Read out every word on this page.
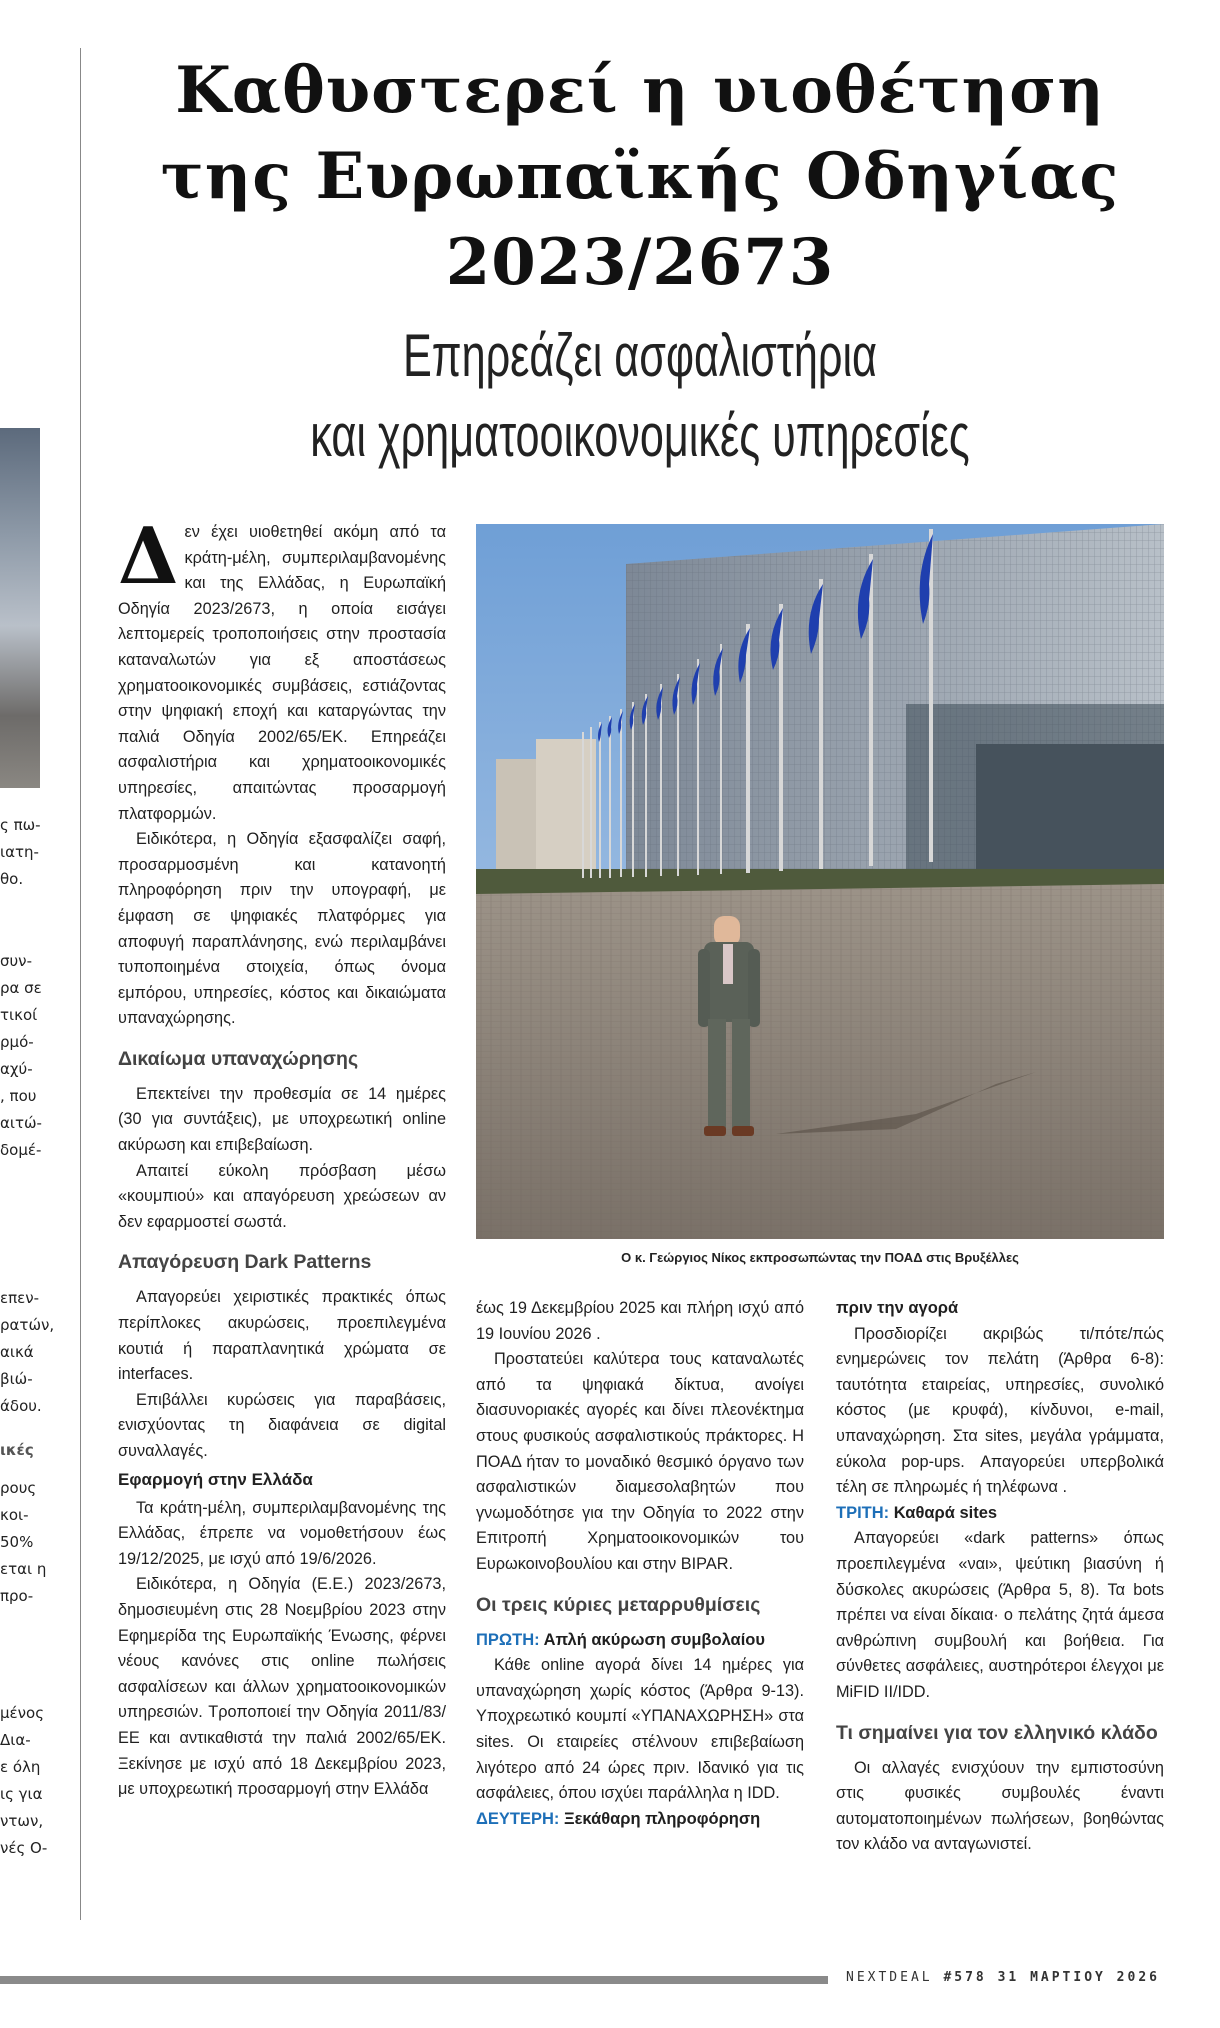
ς πω-
ιατη-
θο.
συν-
ρα σε
τικοί
ρμό-
αχύ-
, που
αιτώ-
δομέ-
επεν-
ρατών,
αικά
βιώ-
άδου.
ικές
ρους
κοι-
50%
εται η
προ-
μένος
Δια-
ε όλη
ις για
ντων,
νές Ο-
Καθυστερεί η υιοθέτηση
της Ευρωπαϊκής Οδηγίας
2023/2673
Επηρεάζει ασφαλιστήρια
και χρηματοοικονομικές υπηρεσίες

Δεν έχει υιοθετηθεί ακόμη από τα κράτη-μέλη, συμπεριλαμβανομένης και της Ελλάδας, η Ευρωπαϊκή Οδηγία 2023/2673, η οποία εισάγει λεπτομερείς τροποποιήσεις στην προστασία καταναλωτών για εξ αποστάσεως χρηματοοικονομικές συμβάσεις, εστιάζοντας στην ψηφιακή εποχή και καταργώντας την παλιά Οδηγία 2002/65/ΕΚ. Επηρεάζει ασφαλιστήρια και χρηματοοικονομικές υπηρεσίες, απαιτώντας προσαρμογή πλατφορμών.

Ειδικότερα, η Οδηγία εξασφαλίζει σαφή, προσαρμοσμένη και κατανοητή πληροφόρηση πριν την υπογραφή, με έμφαση σε ψηφιακές πλατφόρμες για αποφυγή παραπλάνησης, ενώ περιλαμβάνει τυποποιημένα στοιχεία, όπως όνομα εμπόρου, υπηρεσίες, κόστος και δικαιώματα υπαναχώρησης.

Δικαίωμα υπαναχώρησης

Επεκτείνει την προθεσμία σε 14 ημέρες (30 για συντάξεις), με υποχρεωτική online ακύρωση και επιβεβαίωση.

Απαιτεί εύκολη πρόσβαση μέσω «κουμπιού» και απαγόρευση χρεώσεων αν δεν εφαρμοστεί σωστά.

Απαγόρευση Dark Patterns

Απαγορεύει χειριστικές πρακτικές όπως περίπλοκες ακυρώσεις, προεπιλεγμένα κουτιά ή παραπλανητικά χρώματα σε interfaces.

Επιβάλλει κυρώσεις για παραβάσεις, ενισχύοντας τη διαφάνεια σε digital συναλλαγές.

Εφαρμογή στην Ελλάδα

Τα κράτη-μέλη, συμπεριλαμβανομένης της Ελλάδας, έπρεπε να νομοθετήσουν έως 19/12/2025, με ισχύ από 19/6/2026.

Ειδικότερα, η Οδηγία (Ε.Ε.) 2023/2673, δημοσιευμένη στις 28 Νοεμβρίου 2023 στην Εφημερίδα της Ευρωπαϊκής Ένωσης, φέρνει νέους κανόνες στις online πωλήσεις ασφαλίσεων και άλλων χρηματοοικονομικών υπηρεσιών. Τροποποιεί την Οδηγία 2011/83/ΕΕ και αντικαθιστά την παλιά 2002/65/ΕΚ. Ξεκίνησε με ισχύ από 18 Δεκεμβρίου 2023, με υποχρεωτική προσαρμογή στην Ελλάδα

Ο κ. Γεώργιος Νίκος εκπροσωπώντας την ΠΟΑΔ στις Βρυξέλλες

έως 19 Δεκεμβρίου 2025 και πλήρη ισχύ από 19 Ιουνίου 2026 .

Προστατεύει καλύτερα τους καταναλωτές από τα ψηφιακά δίκτυα, ανοίγει διασυνοριακές αγορές και δίνει πλεονέκτημα στους φυσικούς ασφαλιστικούς πράκτορες. Η ΠΟΑΔ ήταν το μοναδικό θεσμικό όργανο των ασφαλιστικών διαμεσολαβητών που γνωμοδότησε για την Οδηγία το 2022 στην Επιτροπή Χρηματοοικονομικών του Ευρωκοινοβουλίου και στην BIPAR.

Οι τρεις κύριες μεταρρυθμίσεις
ΠΡΩΤΗ: Απλή ακύρωση συμβολαίου

Κάθε online αγορά δίνει 14 ημέρες για υπαναχώρηση χωρίς κόστος (Άρθρα 9-13). Υποχρεωτικό κουμπί «ΥΠΑΝΑΧΩΡΗΣΗ» στα sites. Οι εταιρείες στέλνουν επιβεβαίωση λιγότερο από 24 ώρες πριν. Ιδανικό για τις ασφάλειες, όπου ισχύει παράλληλα η IDD.

ΔΕΥΤΕΡΗ: Ξεκάθαρη πληροφόρηση
πριν την αγορά

Προσδιορίζει ακριβώς τι/πότε/πώς ενημερώνεις τον πελάτη (Άρθρα 6-8): ταυτότητα εταιρείας, υπηρεσίες, συνολικό κόστος (με κρυφά), κίνδυνοι, e-mail, υπαναχώρηση. Στα sites, μεγάλα γράμματα, εύκολα pop-ups. Απαγορεύει υπερβολικά τέλη σε πληρωμές ή τηλέφωνα .

ΤΡΙΤΗ: Καθαρά sites

Απαγορεύει «dark patterns» όπως προεπιλεγμένα «ναι», ψεύτικη βιασύνη ή δύσκολες ακυρώσεις (Άρθρα 5, 8). Τα bots πρέπει να είναι δίκαια· ο πελάτης ζητά άμεσα ανθρώπινη συμβουλή και βοήθεια. Για σύνθετες ασφάλειες, αυστηρότεροι έλεγχοι με MiFID II/IDD.

Τι σημαίνει για τον ελληνικό κλάδο

Οι αλλαγές ενισχύουν την εμπιστοσύνη στις φυσικές συμβουλές έναντι αυτοματοποιημένων πωλήσεων, βοηθώντας τον κλάδο να ανταγωνιστεί.

NEXTDEAL #578 31 ΜΑΡΤΙΟΥ 2026
